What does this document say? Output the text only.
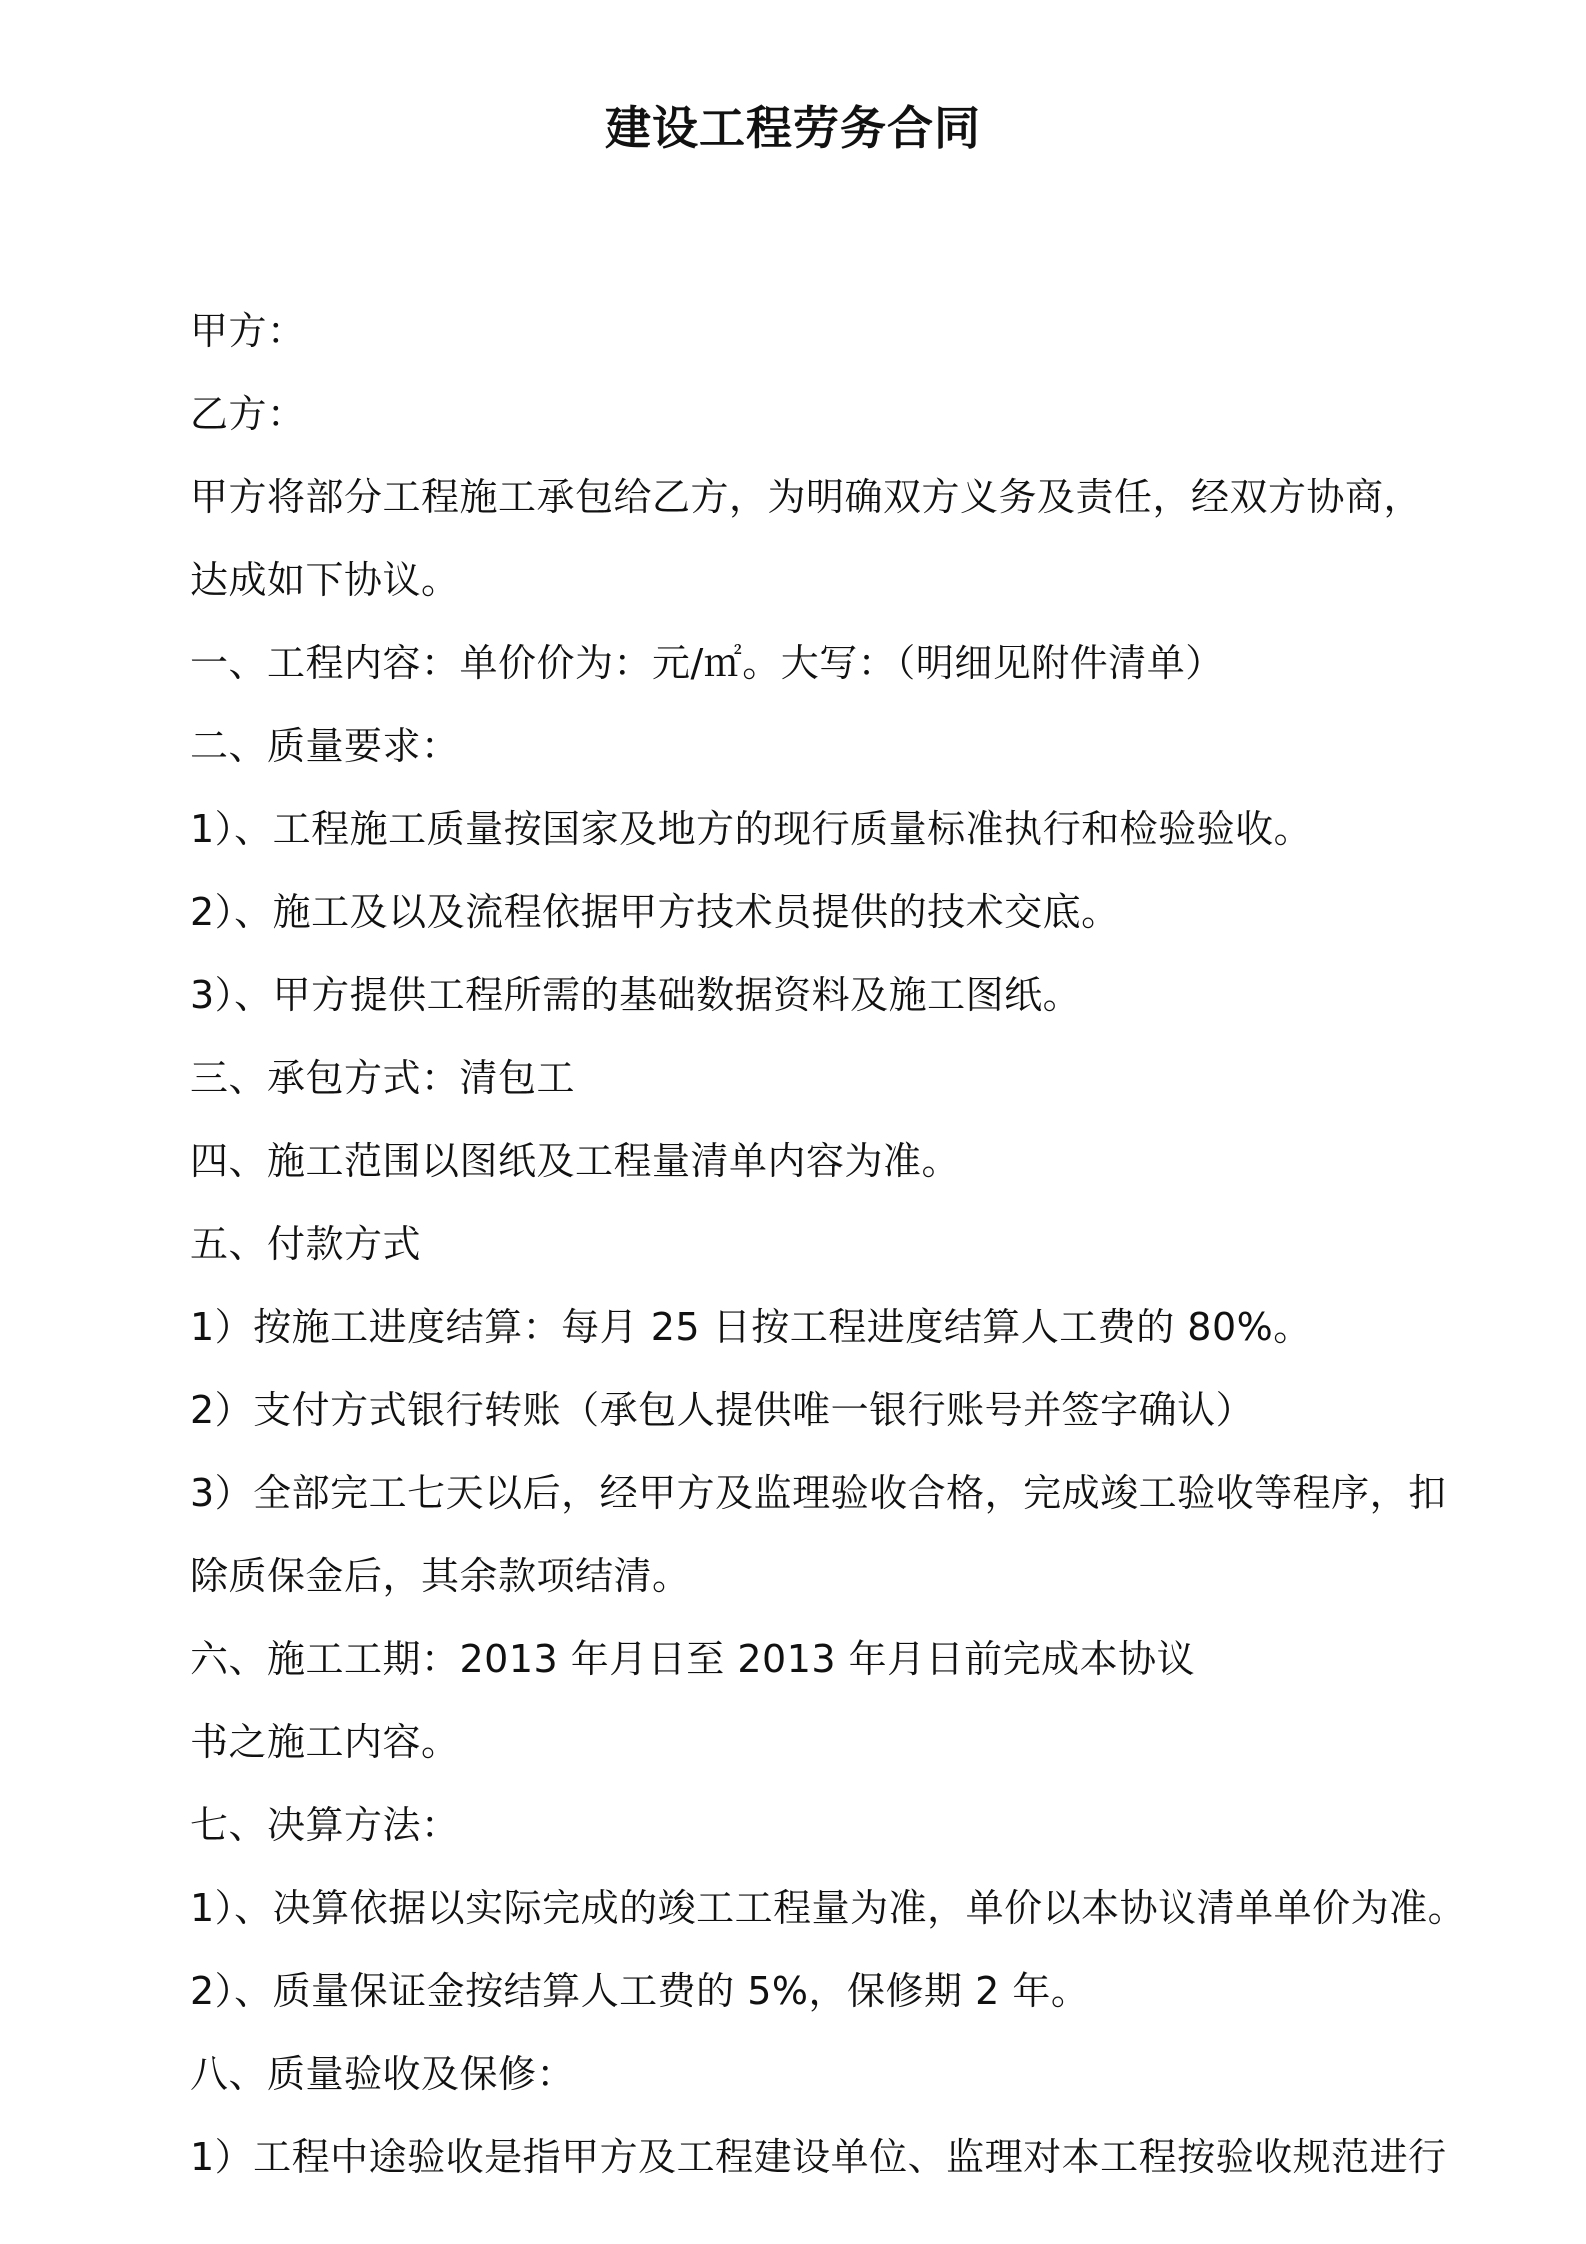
建设工程劳务合同
甲方：
乙方：
甲方将部分工程施工承包给乙方，为明确双方义务及责任，经双方协商，
达成如下协议。
一、工程内容：单价价为：元/㎡。大写：（明细见附件清单）
二、质量要求：
1）、工程施工质量按国家及地方的现行质量标准执行和检验验收。
2）、施工及以及流程依据甲方技术员提供的技术交底。
3）、甲方提供工程所需的基础数据资料及施工图纸。
三、承包方式：清包工
四、施工范围以图纸及工程量清单内容为准。
五、付款方式
1）按施工进度结算：每月 25 日按工程进度结算人工费的 80%。
2）支付方式银行转账（承包人提供唯一银行账号并签字确认）
3）全部完工七天以后，经甲方及监理验收合格，完成竣工验收等程序，扣
除质保金后，其余款项结清。
六、施工工期：2013 年月日至 2013 年月日前完成本协议
书之施工内容。
七、决算方法：
1）、决算依据以实际完成的竣工工程量为准，单价以本协议清单单价为准。
2）、质量保证金按结算人工费的 5%，保修期 2 年。
八、质量验收及保修：
1）工程中途验收是指甲方及工程建设单位、监理对本工程按验收规范进行
